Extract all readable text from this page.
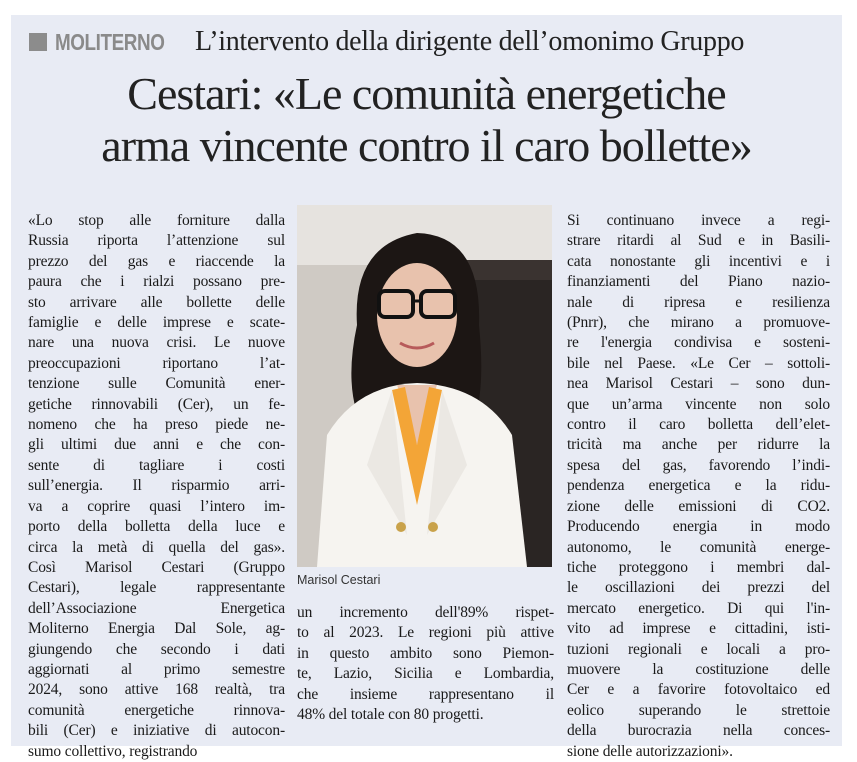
MOLITERNO L’intervento della dirigente dell’omonimo Gruppo
Cestari: «Le comunità energetiche
arma vincente contro il caro bollette»
«Lo stop alle forniture dalla
Russia riporta l’attenzione sul
prezzo del gas e riaccende la
paura che i rialzi possano pre-
sto arrivare alle bollette delle
famiglie e delle imprese e scate-
nare una nuova crisi. Le nuove
preoccupazioni riportano l’at-
tenzione sulle Comunità ener-
getiche rinnovabili (Cer), un fe-
nomeno che ha preso piede ne-
gli ultimi due anni e che con-
sente di tagliare i costi
sull’energia. Il risparmio arri-
va a coprire quasi l’intero im-
porto della bolletta della luce e
circa la metà di quella del gas».
Così Marisol Cestari (Gruppo
Cestari), legale rappresentante
dell’Associazione Energetica
Moliterno Energia Dal Sole, ag-
giungendo che secondo i dati
aggiornati al primo semestre
2024, sono attive 168 realtà, tra
comunità energetiche rinnova-
bili (Cer) e iniziative di autocon-
sumo collettivo, registrando
Marisol Cestari
un incremento dell'89% rispet-
to al 2023. Le regioni più attive
in questo ambito sono Piemon-
te, Lazio, Sicilia e Lombardia,
che insieme rappresentano il
48% del totale con 80 progetti.
Si continuano invece a regi-
strare ritardi al Sud e in Basili-
cata nonostante gli incentivi e i
finanziamenti del Piano nazio-
nale di ripresa e resilienza
(Pnrr), che mirano a promuove-
re l'energia condivisa e sosteni-
bile nel Paese. «Le Cer – sottoli-
nea Marisol Cestari – sono dun-
que un’arma vincente non solo
contro il caro bolletta dell’elet-
tricità ma anche per ridurre la
spesa del gas, favorendo l’indi-
pendenza energetica e la ridu-
zione delle emissioni di CO2.
Producendo energia in modo
autonomo, le comunità energe-
tiche proteggono i membri dal-
le oscillazioni dei prezzi del
mercato energetico. Di qui l'in-
vito ad imprese e cittadini, isti-
tuzioni regionali e locali a pro-
muovere la costituzione delle
Cer e a favorire fotovoltaico ed
eolico superando le strettoie
della burocrazia nella conces-
sione delle autorizzazioni».
